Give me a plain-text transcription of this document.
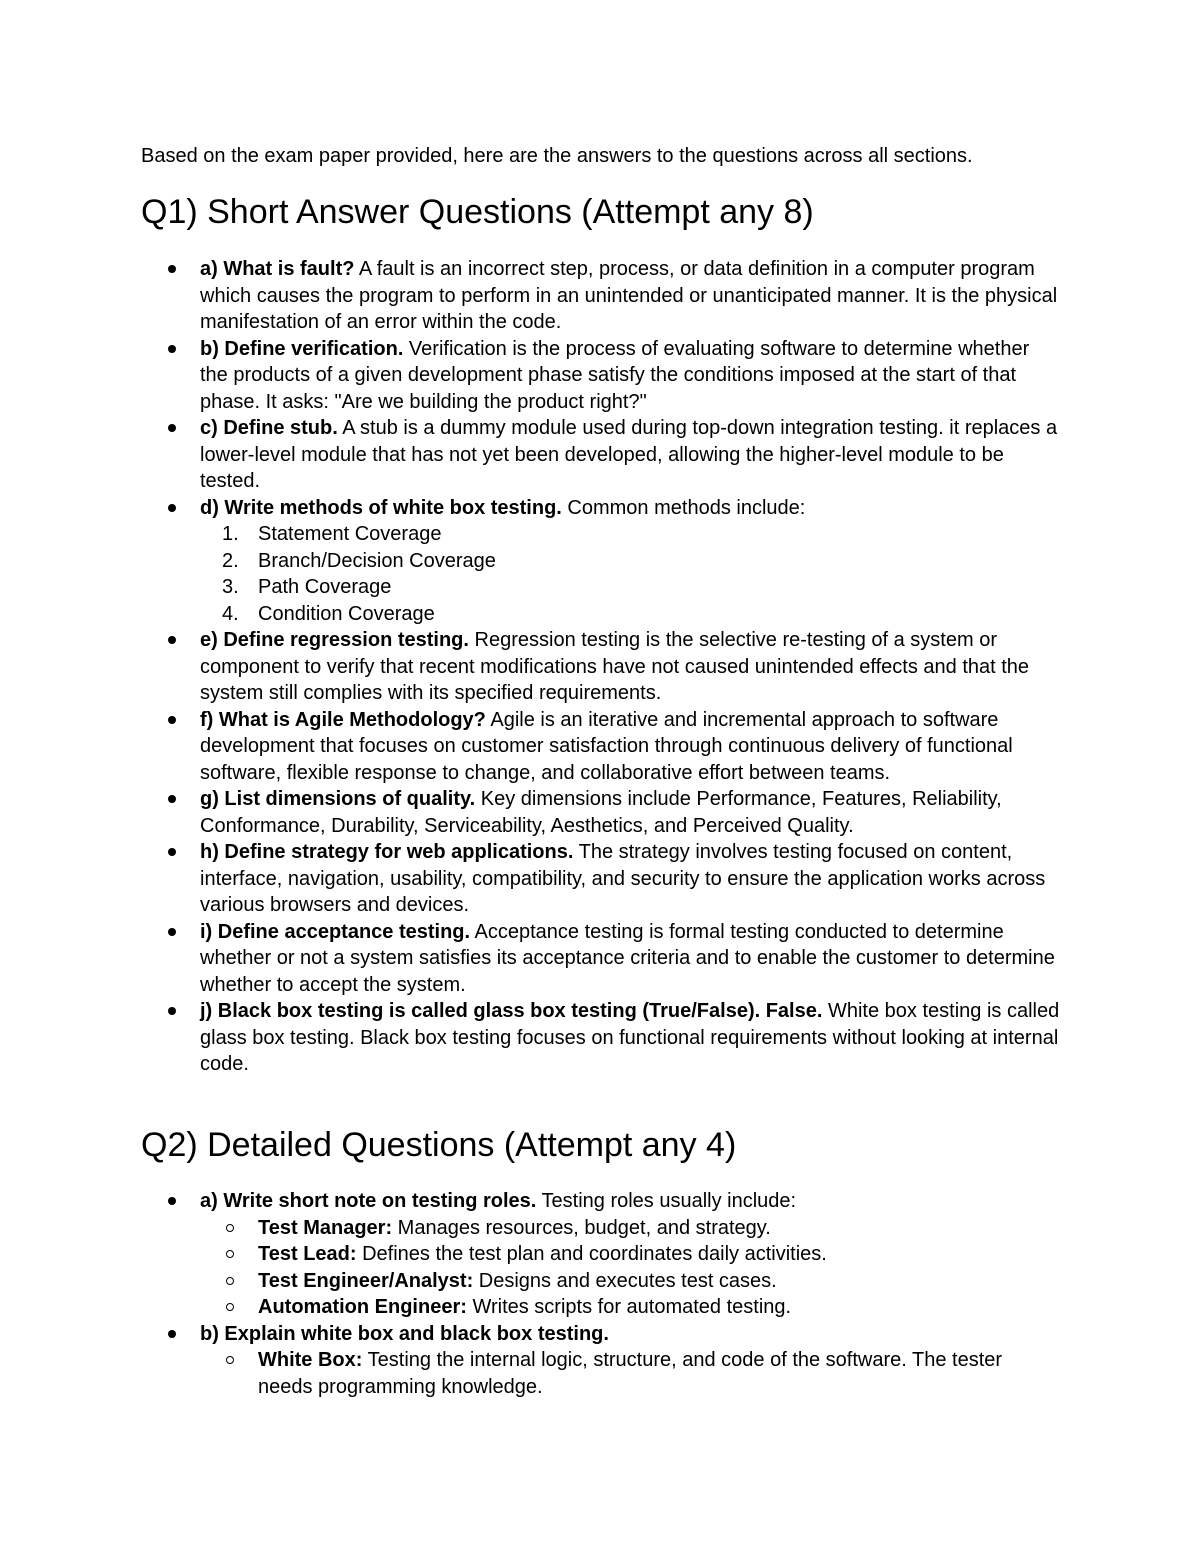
Based on the exam paper provided, here are the answers to the questions across all sections.
Q1) Short Answer Questions (Attempt any 8)
a) What is fault? A fault is an incorrect step, process, or data definition in a computer program which causes the program to perform in an unintended or unanticipated manner. It is the physical manifestation of an error within the code.
b) Define verification. Verification is the process of evaluating software to determine whether the products of a given development phase satisfy the conditions imposed at the start of that phase. It asks: "Are we building the product right?"
c) Define stub. A stub is a dummy module used during top-down integration testing. it replaces a lower-level module that has not yet been developed, allowing the higher-level module to be tested.
d) Write methods of white box testing. Common methods include:
1. Statement Coverage
2. Branch/Decision Coverage
3. Path Coverage
4. Condition Coverage
e) Define regression testing. Regression testing is the selective re-testing of a system or component to verify that recent modifications have not caused unintended effects and that the system still complies with its specified requirements.
f) What is Agile Methodology? Agile is an iterative and incremental approach to software development that focuses on customer satisfaction through continuous delivery of functional software, flexible response to change, and collaborative effort between teams.
g) List dimensions of quality. Key dimensions include Performance, Features, Reliability, Conformance, Durability, Serviceability, Aesthetics, and Perceived Quality.
h) Define strategy for web applications. The strategy involves testing focused on content, interface, navigation, usability, compatibility, and security to ensure the application works across various browsers and devices.
i) Define acceptance testing. Acceptance testing is formal testing conducted to determine whether or not a system satisfies its acceptance criteria and to enable the customer to determine whether to accept the system.
j) Black box testing is called glass box testing (True/False). False. White box testing is called glass box testing. Black box testing focuses on functional requirements without looking at internal code.
Q2) Detailed Questions (Attempt any 4)
a) Write short note on testing roles. Testing roles usually include:
Test Manager: Manages resources, budget, and strategy.
Test Lead: Defines the test plan and coordinates daily activities.
Test Engineer/Analyst: Designs and executes test cases.
Automation Engineer: Writes scripts for automated testing.
b) Explain white box and black box testing.
White Box: Testing the internal logic, structure, and code of the software. The tester needs programming knowledge.
